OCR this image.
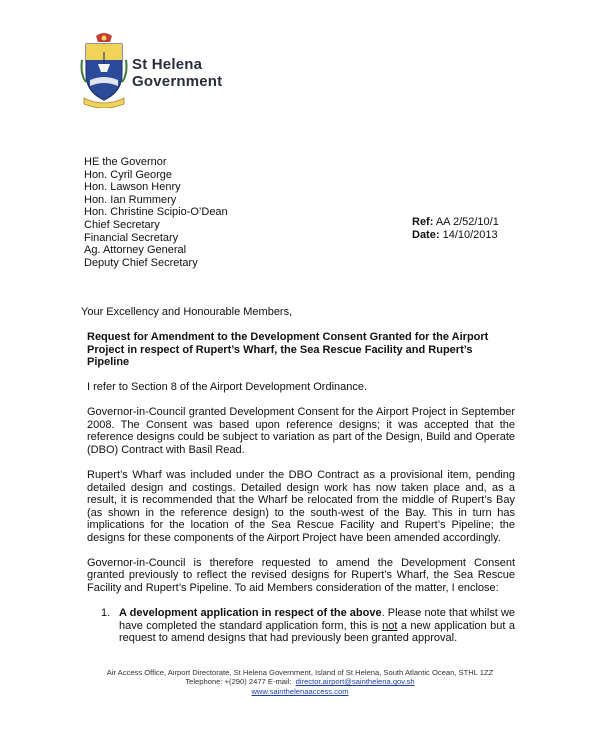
St Helena
Government
HE the Governor
Hon. Cyril George
Hon. Lawson Henry
Hon. Ian Rummery
Hon. Christine Scipio-O’Dean
Chief Secretary
Financial Secretary
Ag. Attorney General
Deputy Chief Secretary
Ref: AA 2/52/10/1
Date: 14/10/2013

Your Excellency and Honourable Members,

Request for Amendment to the Development Consent Granted for the Airport Project in respect of Rupert’s Wharf, the Sea Rescue Facility and Rupert’s Pipeline

I refer to Section 8 of the Airport Development Ordinance.

Governor-in-Council granted Development Consent for the Airport Project in September 2008. The Consent was based upon reference designs; it was accepted that the reference designs could be subject to variation as part of the Design, Build and Operate (DBO) Contract with Basil Read.

Rupert’s Wharf was included under the DBO Contract as a provisional item, pending detailed design and costings. Detailed design work has now taken place and, as a result, it is recommended that the Wharf be relocated from the middle of Rupert’s Bay (as shown in the reference design) to the south-west of the Bay. This in turn has implications for the location of the Sea Rescue Facility and Rupert’s Pipeline; the designs for these components of the Airport Project have been amended accordingly.

Governor-in-Council is therefore requested to amend the Development Consent granted previously to reflect the revised designs for Rupert’s Wharf, the Sea Rescue Facility and Rupert’s Pipeline. To aid Members consideration of the matter, I enclose:

1. A development application in respect of the above. Please note that whilst we have completed the standard application form, this is not a new application but a request to amend designs that had previously been granted approval.
Air Access Office, Airport Directorate, St Helena Government, Island of St Helena, South Atlantic Ocean, STHL 1ZZ
Telephone: +(290) 2477 E-mail: director.airport@sainthelena.gov.sh
www.sainthelenaaccess.com
